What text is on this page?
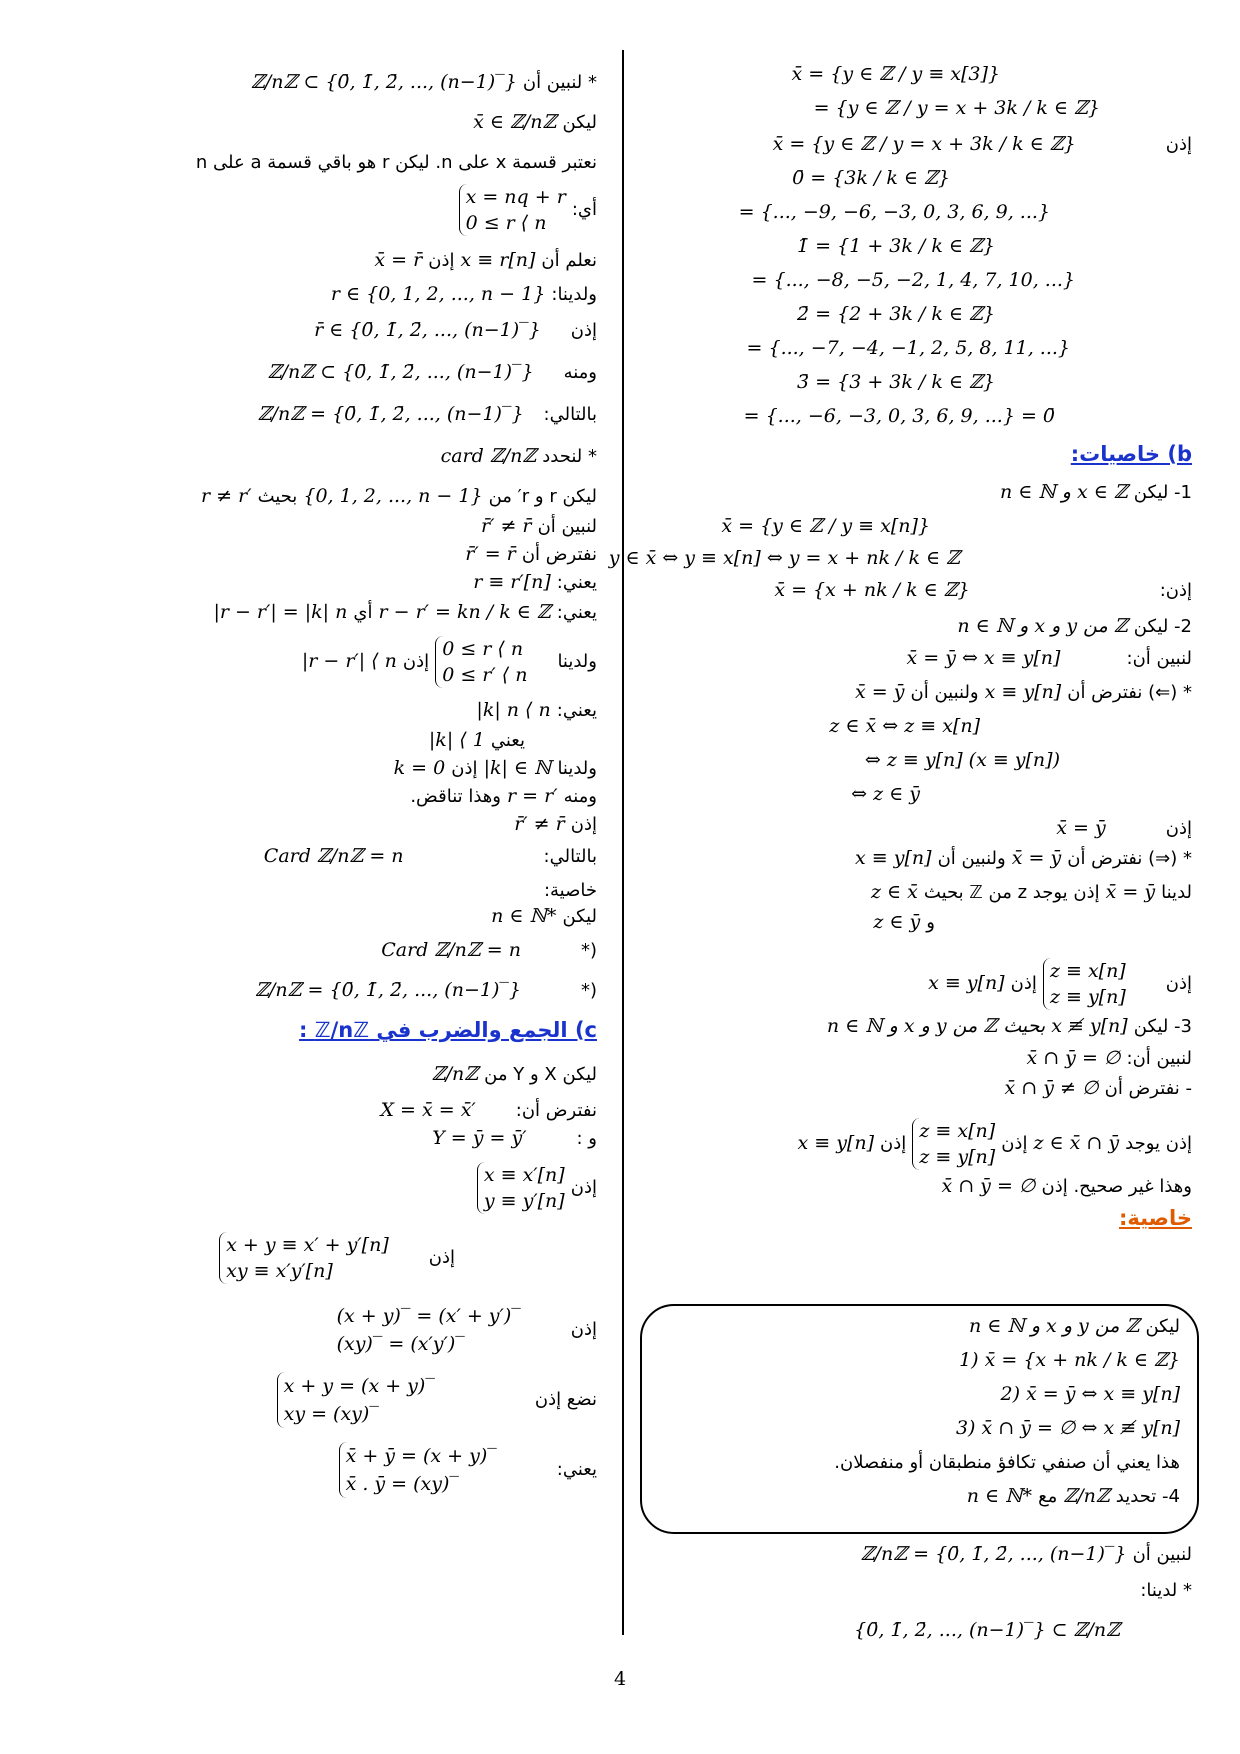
x̄ = {y ∈ ℤ / y ≡ x[3]}
= {y ∈ ℤ / y = x + 3k / k ∈ ℤ}
إذنx̄ = {y ∈ ℤ / y = x + 3k / k ∈ ℤ}
0̄ = {3k / k ∈ ℤ}
= {..., −9, −6, −3, 0, 3, 6, 9, ...}
1̄ = {1 + 3k / k ∈ ℤ}
= {..., −8, −5, −2, 1, 4, 7, 10, ...}
2̄ = {2 + 3k / k ∈ ℤ}
= {..., −7, −4, −1, 2, 5, 8, 11, ...}
3̄ = {3 + 3k / k ∈ ℤ}
= {..., −6, −3, 0, 3, 6, 9, ...} = 0̄
b) خاصيات:
1- ليكن n ∈ ℕ و x ∈ ℤ
x̄ = {y ∈ ℤ / y ≡ x[n]}
y ∈ x̄ ⇔ y ≡ x[n] ⇔ y = x + nk / k ∈ ℤ
إذن:x̄ = {x + nk / k ∈ ℤ}
2- ليكن n ∈ ℕ و x و y من ℤ
لنبين أن: x̄ = ȳ ⇔ x ≡ y[n]
* (⇐) نفترض أن x ≡ y[n] ولنبين أن x̄ = ȳ
z ∈ x̄ ⇔ z ≡ x[n]
⇔ z ≡ y[n] (x ≡ y[n])
⇔ z ∈ ȳ
إذنx̄ = ȳ
* (⇒) نفترض أن x̄ = ȳ ولنبين أن x ≡ y[n]
لدينا x̄ = ȳ إذن يوجد z من ℤ بحيث z ∈ x̄
و z ∈ ȳ
إذنz ≡ x[n]
z ≡ y[n] إذن x ≡ y[n]
3- ليكن n ∈ ℕ و x و y من ℤ بحيث x ≢ y[n]
لنبين أن: x̄ ∩ ȳ = ∅
- نفترض أن x̄ ∩ ȳ ≠ ∅
إذن يوجد z ∈ x̄ ∩ ȳ إذن z ≡ x[n]
z ≡ y[n] إذن x ≡ y[n]
وهذا غير صحيح. إذن x̄ ∩ ȳ = ∅
خاصية:
ليكن n ∈ ℕ و x و y من ℤ
1) x̄ = {x + nk / k ∈ ℤ}
2) x̄ = ȳ ⇔ x ≡ y[n]
3) x̄ ∩ ȳ = ∅ ⇔ x ≢ y[n]
هذا يعني أن صنفي تكافؤ منطبقان أو منفصلان.
4- تحديد ℤ/nℤ مع n ∈ ℕ*
لنبين أن ℤ/nℤ = {0̄, 1̄, 2̄, ..., (n−1)‾}
* لدينا:
{0̄, 1̄, 2̄, ..., (n−1)‾} ⊂ ℤ/nℤ
* لنبين أن ℤ/nℤ ⊂ {0̄, 1̄, 2̄, ..., (n−1)‾}
ليكن x̄ ∈ ℤ/nℤ
نعتبر قسمة x على n. ليكن r هو باقي قسمة a على n
أي: x = nq + r
0 ≤ r ⟨ n
نعلم أن x ≡ r[n] إذن x̄ = r̄
ولدينا: r ∈ {0, 1, 2, ..., n − 1}
إذنr̄ ∈ {0̄, 1̄, 2̄, ..., (n−1)‾}
ومنهℤ/nℤ ⊂ {0̄, 1̄, 2̄, ..., (n−1)‾}
بالتالي:ℤ/nℤ = {0̄, 1̄, 2̄, ..., (n−1)‾}
* لنحدد card ℤ/nℤ
ليكن r و r′ من {0, 1, 2, ..., n − 1} بحيث r ≠ r′
لنبين أن r̄′ ≠ r̄
نفترض أن r̄′ = r̄
يعني: r ≡ r′[n]
يعني: r − r′ = kn / k ∈ ℤ أي |r − r′| = |k| n
ولدينا0 ≤ r ⟨ n
0 ≤ r′ ⟨ n إذن |r − r′| ⟨ n
يعني: |k| n ⟨ n
يعني |k| ⟨ 1
ولدينا |k| ∈ ℕ إذن k = 0
ومنه r = r′ وهذا تناقض.
إذن r̄′ ≠ r̄
بالتالي:Card ℤ/nℤ = n
خاصية:
ليكن n ∈ ℕ*
(*Card ℤ/nℤ = n
(*ℤ/nℤ = {0̄, 1̄, 2̄, ..., (n−1)‾}
c) الجمع والضرب في ℤ/nℤ :
ليكن X و Y من ℤ/nℤ
نفترض أن:X = x̄ = x̄′
و :Y = ȳ = ȳ′
إذن x ≡ x′[n]
y ≡ y′[n]
إذنx + y ≡ x′ + y′[n]
xy ≡ x′y′[n]
إذن(x + y)‾ = (x′ + y′)‾
(xy)‾ = (x′y′)‾
نضع إذنx + y = (x + y)‾
xy = (xy)‾
يعني:x̄ + ȳ = (x + y)‾
x̄ . ȳ = (xy)‾
4
